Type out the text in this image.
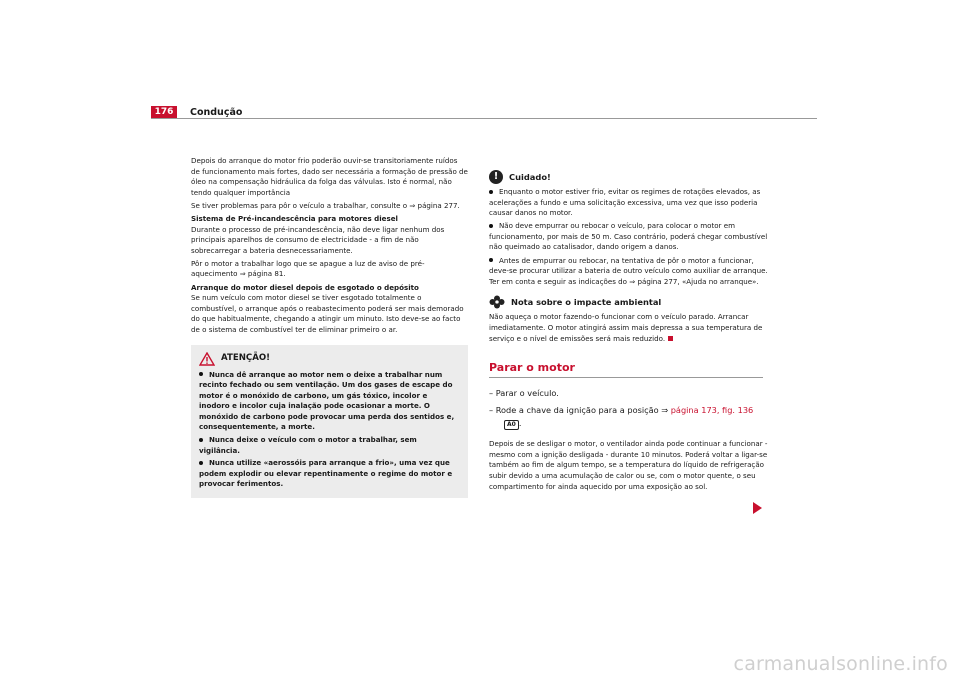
176	Condução

Depois do arranque do motor frio poderão ouvir-se transitoriamente ruídos de funcionamento mais fortes, dado ser necessária a formação de pressão de óleo na compensação hidráulica da folga das válvulas. Isto é normal, não tendo qualquer importância

Se tiver problemas para pôr o veículo a trabalhar, consulte o ⇒ página 277.

Sistema de Pré-incandescência para motores diesel

Durante o processo de pré-incandescência, não deve ligar nenhum dos principais aparelhos de consumo de electricidade - a fim de não sobrecarregar a bateria desnecessariamente.

Pôr o motor a trabalhar logo que se apague a luz de aviso de pré-aquecimento ⇒ página 81.

Arranque do motor diesel depois de esgotado o depósito

Se num veículo com motor diesel se tiver esgotado totalmente o combustível, o arranque após o reabastecimento poderá ser mais demorado do que habitualmente, chegando a atingir um minuto. Isto deve-se ao facto de o sistema de combustível ter de eliminar primeiro o ar.

ATENÇÃO!

Nunca dê arranque ao motor nem o deixe a trabalhar num recinto fechado ou sem ventilação. Um dos gases de escape do motor é o monóxido de carbono, um gás tóxico, incolor e inodoro e incolor cuja inalação pode ocasionar a morte. O monóxido de carbono pode provocar uma perda dos sentidos e, consequentemente, a morte.

Nunca deixe o veículo com o motor a trabalhar, sem vigilância.

Nunca utilize «aerossóis para arranque a frio», uma vez que podem explodir ou elevar repentinamente o regime do motor e provocar ferimentos.

!	Cuidado!

Enquanto o motor estiver frio, evitar os regimes de rotações elevados, as acelerações a fundo e uma solicitação excessiva, uma vez que isso poderia causar danos no motor.

Não deve empurrar ou rebocar o veículo, para colocar o motor em funcionamento, por mais de 50 m. Caso contrário, poderá chegar combustível não queimado ao catalisador, dando origem a danos.

Antes de empurrar ou rebocar, na tentativa de pôr o motor a funcionar, deve-se procurar utilizar a bateria de outro veículo como auxiliar de arranque. Ter em conta e seguir as indicações do ⇒ página 277, «Ajuda no arranque».

Nota sobre o impacte ambiental

Não aqueça o motor fazendo-o funcionar com o veículo parado. Arrancar imediatamente. O motor atingirá assim mais depressa a sua temperatura de serviço e o nível de emissões será mais reduzido.

Parar o motor
– Parar o veículo.
– Rode a chave da ignição para a posição ⇒ página 173, fig. 136
A0 .

Depois de se desligar o motor, o ventilador ainda pode continuar a funcionar - mesmo com a ignição desligada - durante 10 minutos. Poderá voltar a ligar-se também ao fim de algum tempo, se a temperatura do líquido de refrigeração subir devido a uma acumulação de calor ou se, com o motor quente, o seu compartimento for ainda aquecido por uma exposição ao sol.

carmanualsonline.info
